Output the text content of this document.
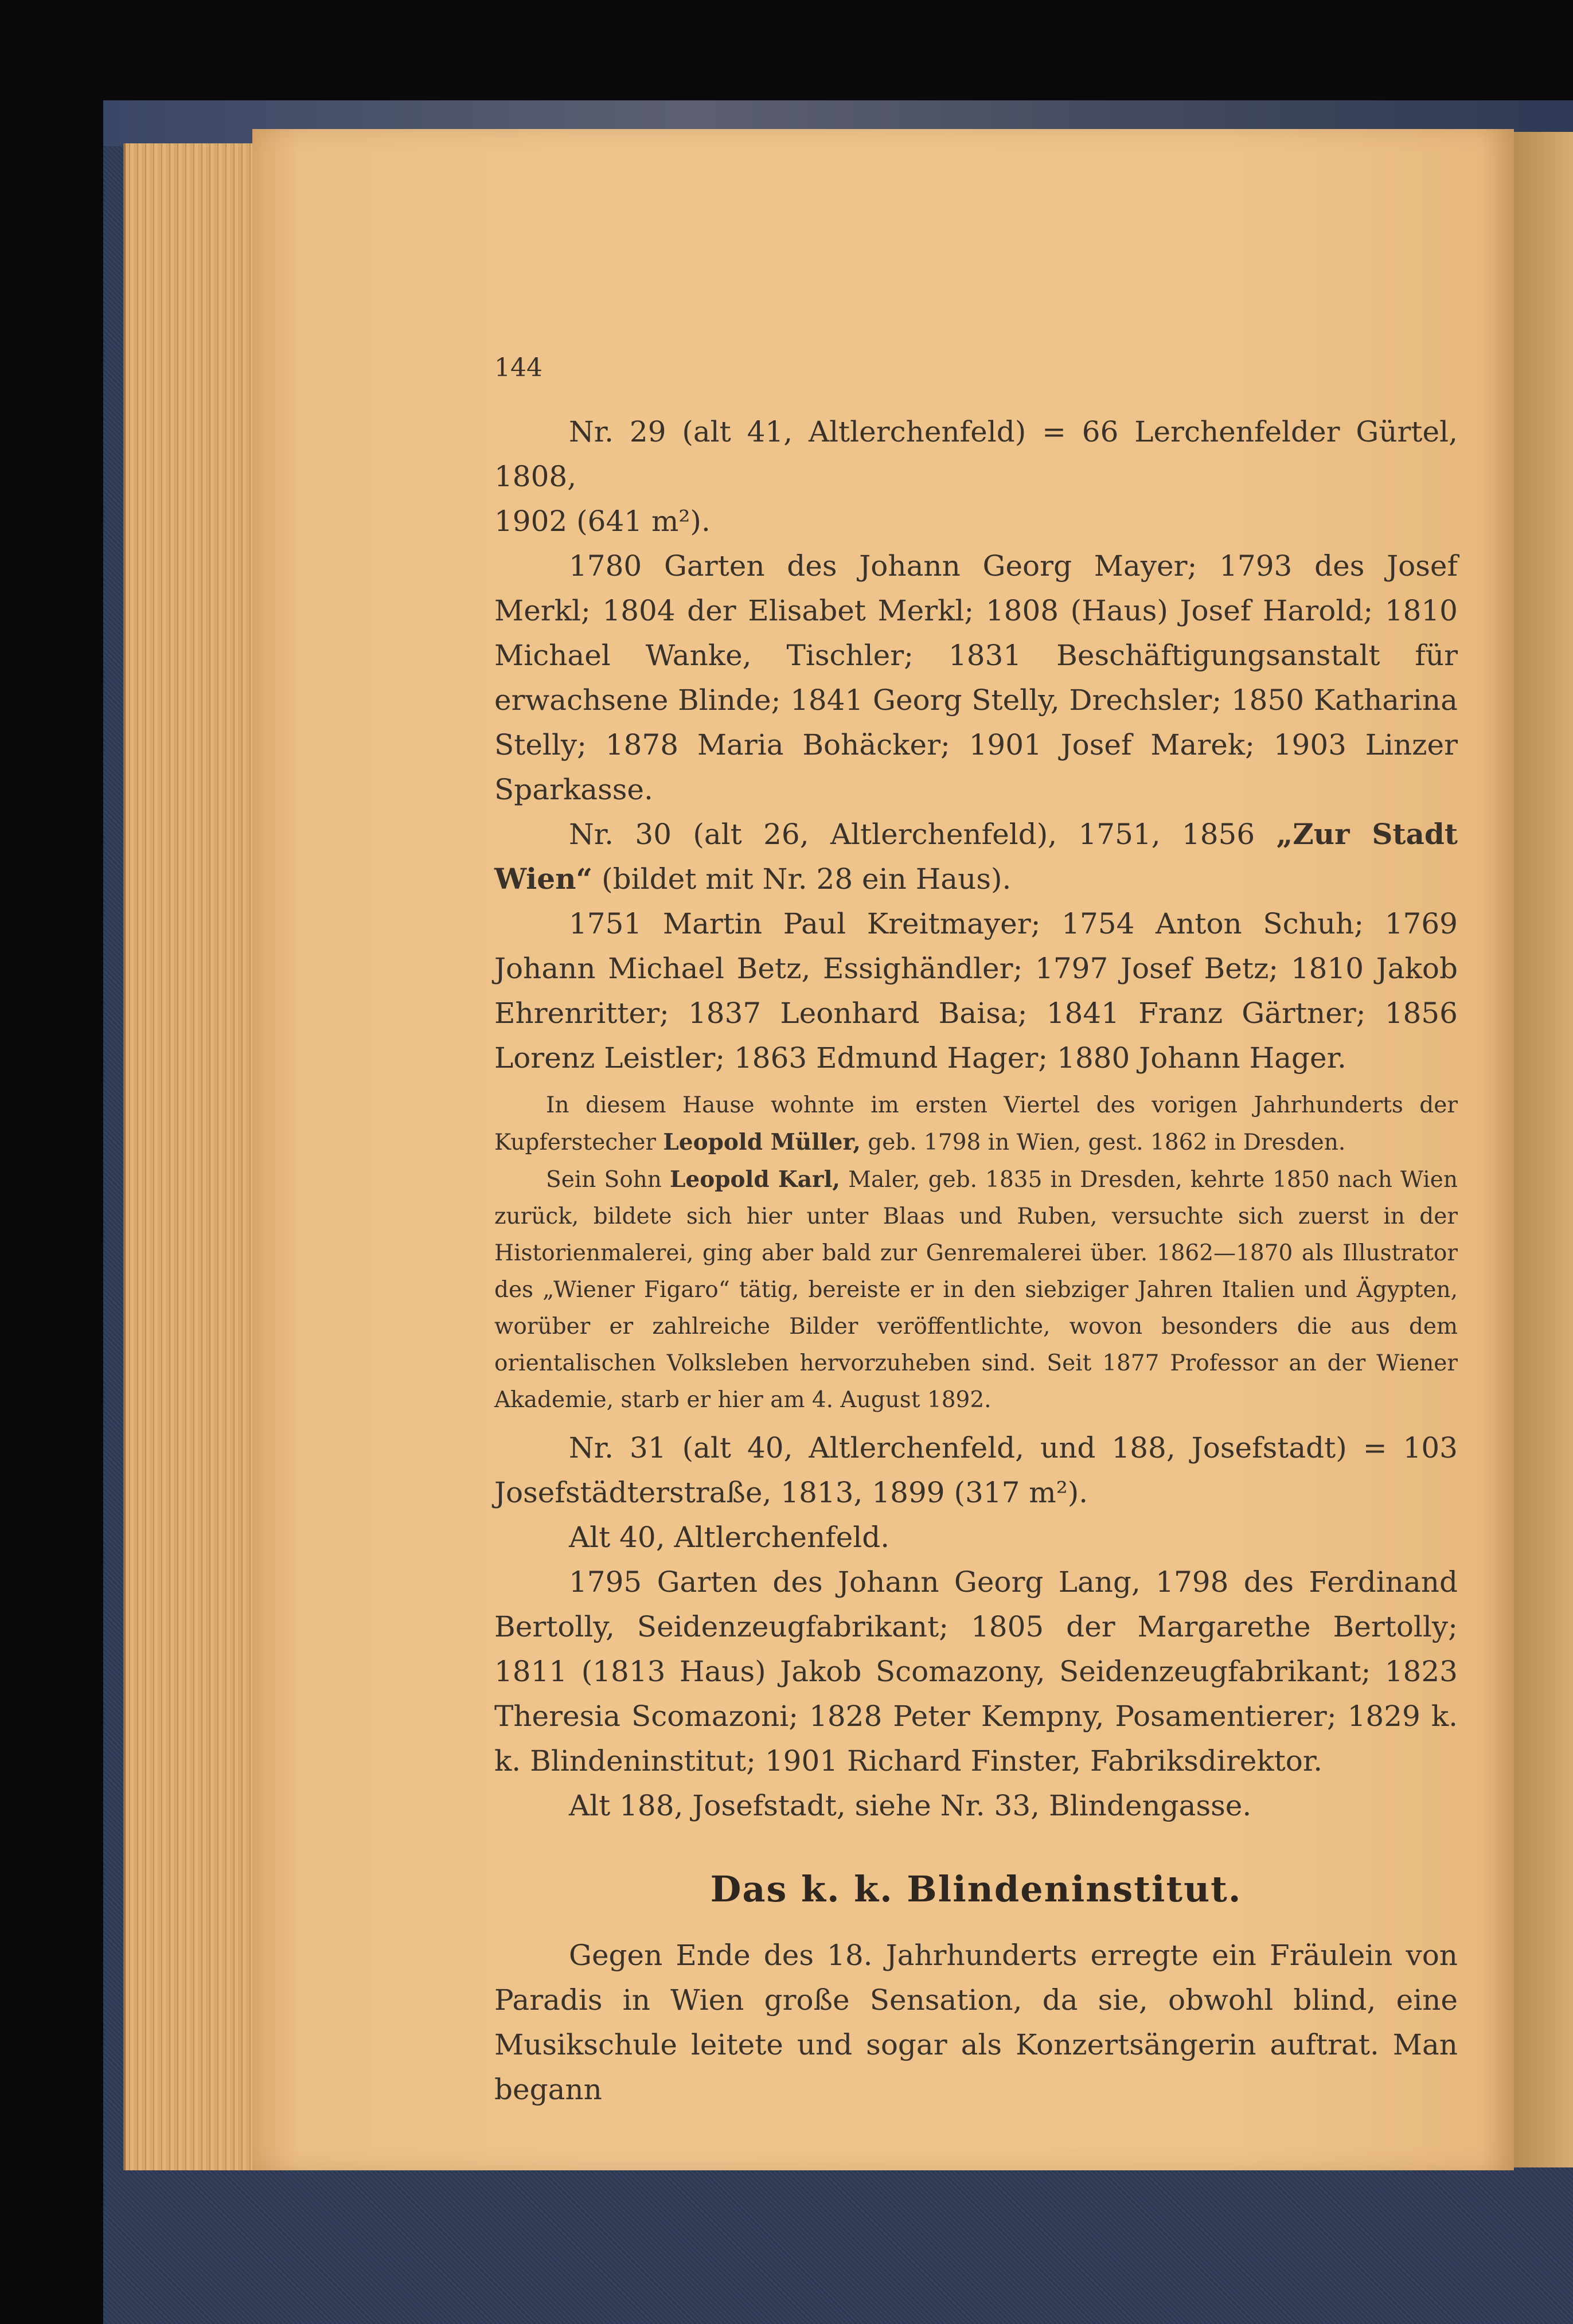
144

Nr. 29 (alt 41, Altlerchenfeld) = 66 Lerchenfelder Gürtel, 1808,

1902 (641 m²).

1780 Garten des Johann Georg Mayer; 1793 des Josef Merkl; 1804 der Elisabet Merkl; 1808 (Haus) Josef Harold; 1810 Michael Wanke, Tischler; 1831 Beschäftigungsanstalt für erwachsene Blinde; 1841 Georg Stelly, Drechsler; 1850 Katharina Stelly; 1878 Maria Bohäcker; 1901 Josef Marek; 1903 Linzer Sparkasse.

Nr. 30 (alt 26, Altlerchenfeld), 1751, 1856 „Zur Stadt Wien“ (bildet mit Nr. 28 ein Haus).

1751 Martin Paul Kreitmayer; 1754 Anton Schuh; 1769 Johann Michael Betz, Essighändler; 1797 Josef Betz; 1810 Jakob Ehrenritter; 1837 Leonhard Baisa; 1841 Franz Gärtner; 1856 Lorenz Leistler; 1863 Edmund Hager; 1880 Johann Hager.

In diesem Hause wohnte im ersten Viertel des vorigen Jahrhunderts der Kupferstecher Leopold Müller, geb. 1798 in Wien, gest. 1862 in Dresden.

Sein Sohn Leopold Karl, Maler, geb. 1835 in Dresden, kehrte 1850 nach Wien zurück, bildete sich hier unter Blaas und Ruben, versuchte sich zuerst in der Historienmalerei, ging aber bald zur Genremalerei über. 1862—1870 als Illustrator des „Wiener Figaro“ tätig, bereiste er in den siebziger Jahren Italien und Ägypten, worüber er zahlreiche Bilder veröffentlichte, wovon besonders die aus dem orientalischen Volksleben hervorzuheben sind. Seit 1877 Professor an der Wiener Akademie, starb er hier am 4. August 1892.

Nr. 31 (alt 40, Altlerchenfeld, und 188, Josefstadt) = 103 Josefstädterstraße, 1813, 1899 (317 m²).

Alt 40, Altlerchenfeld.

1795 Garten des Johann Georg Lang, 1798 des Ferdinand Bertolly, Seidenzeugfabrikant; 1805 der Margarethe Bertolly; 1811 (1813 Haus) Jakob Scomazony, Seidenzeugfabrikant; 1823 Theresia Scomazoni; 1828 Peter Kempny, Posamentierer; 1829 k. k. Blindeninstitut; 1901 Richard Finster, Fabriksdirektor.

Alt 188, Josefstadt, siehe Nr. 33, Blindengasse.

Das k. k. Blindeninstitut.

Gegen Ende des 18. Jahrhunderts erregte ein Fräulein von Paradis in Wien große Sensation, da sie, obwohl blind, eine Musikschule leitete und sogar als Konzertsängerin auftrat. Man begann
